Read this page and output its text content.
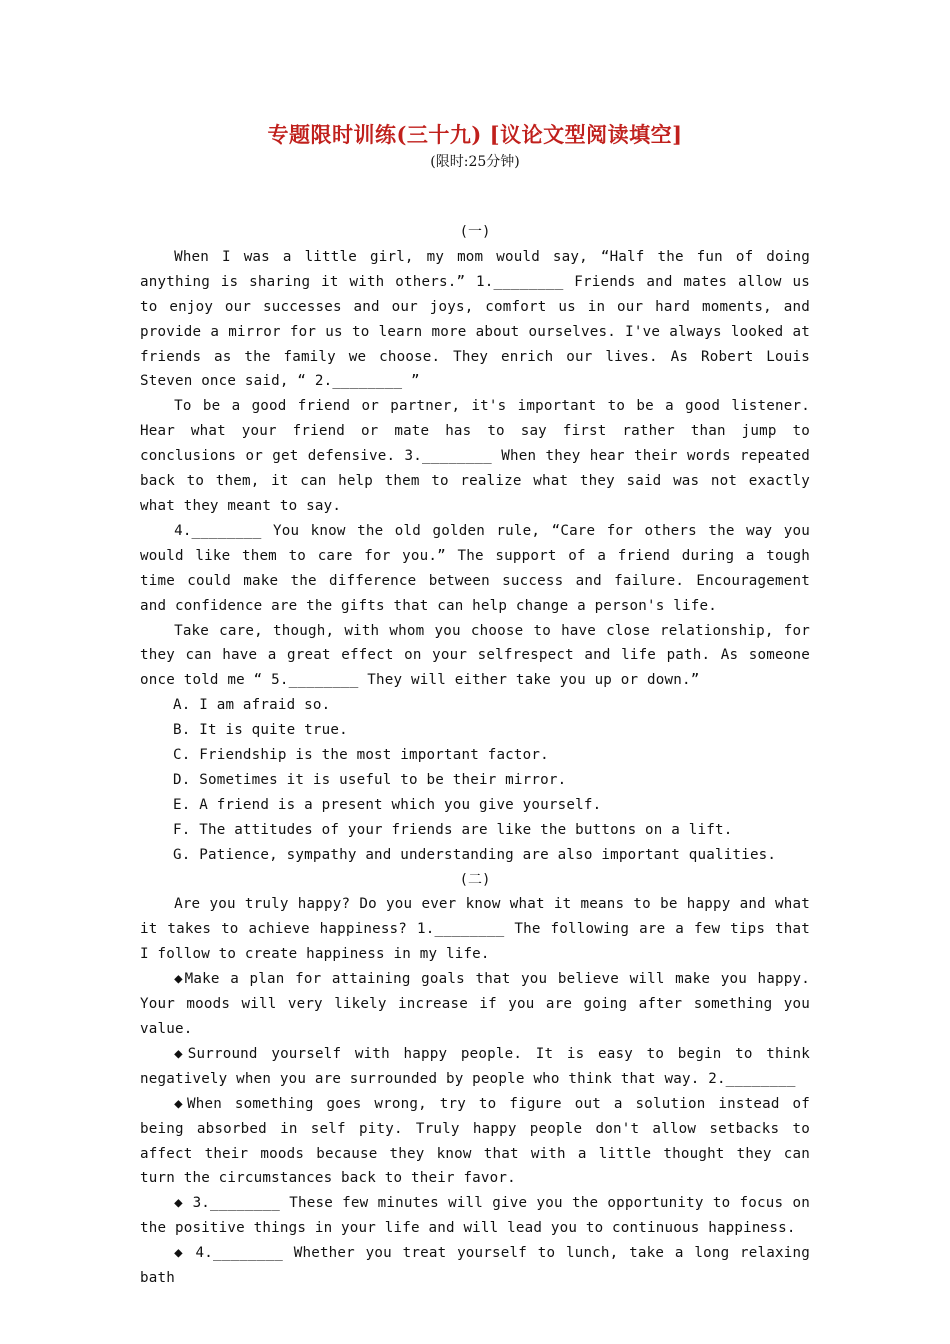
专题限时训练(三十九) [议论文型阅读填空]
(限时:25分钟)
(一)

When I was a little girl, my mom would say, “Half the fun of doing anything is sharing it with others.” 1.________ Friends and mates allow us to enjoy our successes and our joys, comfort us in our hard moments, and provide a mirror for us to learn more about ourselves. I've always looked at friends as the family we choose. They enrich our lives. As Robert Louis Steven once said, “ 2.________ ”

To be a good friend or partner, it's important to be a good listener. Hear what your friend or mate has to say first rather than jump to conclusions or get defensive. 3.________ When they hear their words repeated back to them, it can help them to realize what they said was not exactly what they meant to say.

4.________ You know the old golden rule, “Care for others the way you would like them to care for you.” The support of a friend during a tough time could make the difference between success and failure. Encouragement and confidence are the gifts that can help change a person's life.

Take care, though, with whom you choose to have close relationship, for they can have a great effect on your selfrespect and life path. As someone once told me “ 5.________ They will either take you up or down.”

A. I am afraid so.

B. It is quite true.

C. Friendship is the most important factor.

D. Sometimes it is useful to be their mirror.

E. A friend is a present which you give yourself.

F. The attitudes of your friends are like the buttons on a lift.

G. Patience, sympathy and understanding are also important qualities.

(二)

Are you truly happy? Do you ever know what it means to be happy and what it takes to achieve happiness? 1.________ The following are a few tips that I follow to create happiness in my life.

◆Make a plan for attaining goals that you believe will make you happy. Your moods will very likely increase if you are going after something you value.

◆Surround yourself with happy people. It is easy to begin to think negatively when you are surrounded by people who think that way. 2.________

◆When something goes wrong, try to figure out a solution instead of being absorbed in self pity. Truly happy people don't allow setbacks to affect their moods because they know that with a little thought they can turn the circumstances back to their favor.

◆ 3.________ These few minutes will give you the opportunity to focus on the positive things in your life and will lead you to continuous happiness.

◆ 4.________ Whether you treat yourself to lunch, take a long relaxing bath
